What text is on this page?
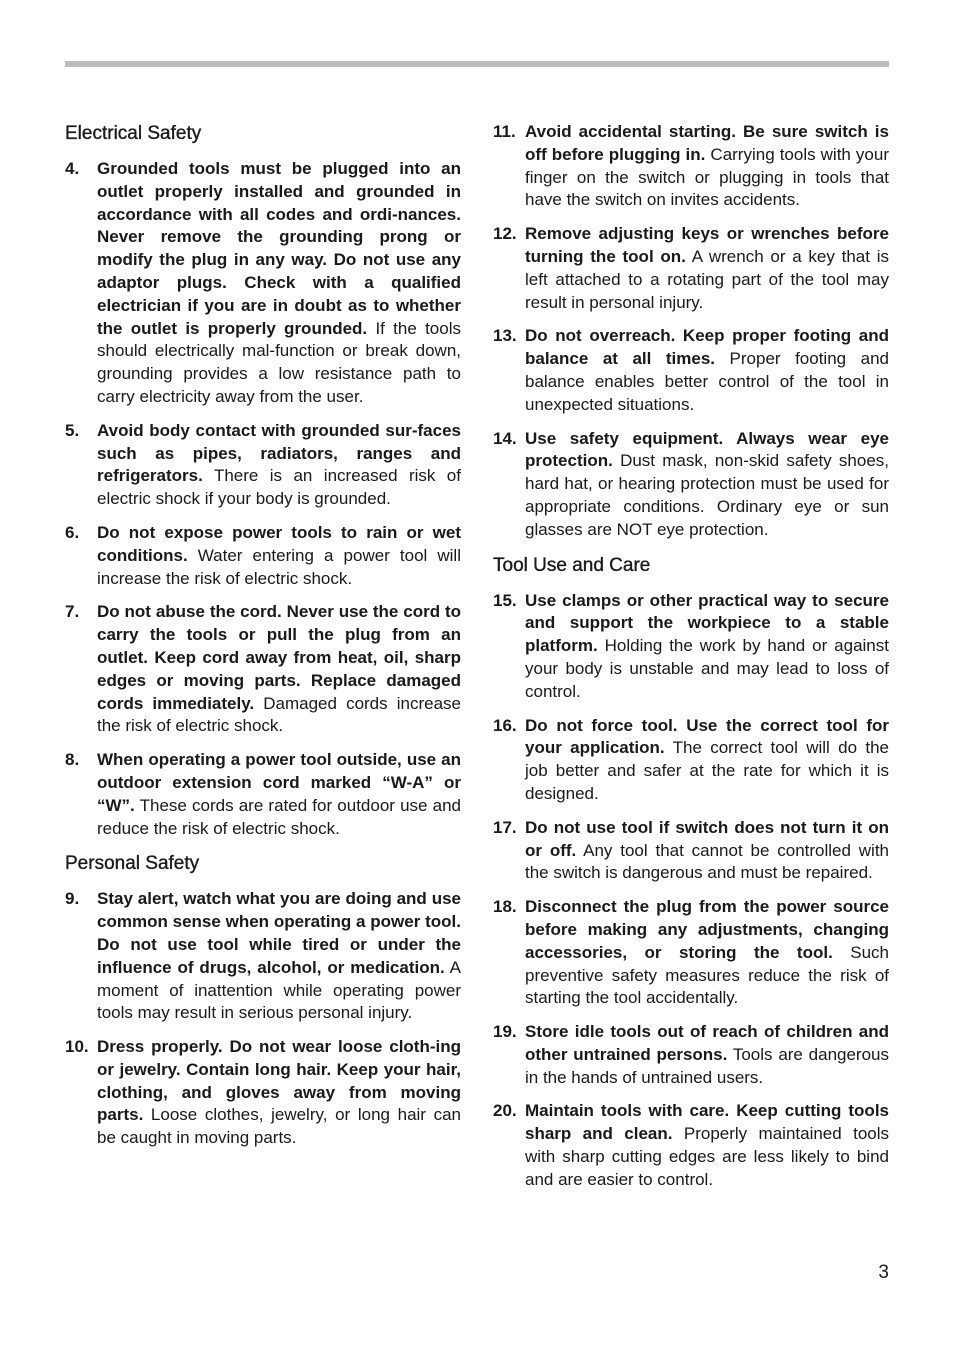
Electrical Safety
4.	Grounded tools must be plugged into an outlet properly installed and grounded in accordance with all codes and ordi-nances. Never remove the grounding prong or modify the plug in any way. Do not use any adaptor plugs. Check with a qualified electrician if you are in doubt as to whether the outlet is properly grounded. If the tools should electrically mal-function or break down, grounding provides a low resistance path to carry electricity away from the user.
5.	Avoid body contact with grounded sur-faces such as pipes, radiators, ranges and refrigerators. There is an increased risk of electric shock if your body is grounded.
6.	Do not expose power tools to rain or wet conditions. Water entering a power tool will increase the risk of electric shock.
7.	Do not abuse the cord. Never use the cord to carry the tools or pull the plug from an outlet. Keep cord away from heat, oil, sharp edges or moving parts. Replace damaged cords immediately. Damaged cords increase the risk of electric shock.
8.	When operating a power tool outside, use an outdoor extension cord marked “W-A” or “W”. These cords are rated for outdoor use and reduce the risk of electric shock.
Personal Safety
9.	Stay alert, watch what you are doing and use common sense when operating a power tool. Do not use tool while tired or under the influence of drugs, alcohol, or medication. A moment of inattention while operating power tools may result in serious personal injury.
10. Dress properly. Do not wear loose cloth-ing or jewelry. Contain long hair. Keep your hair, clothing, and gloves away from moving parts. Loose clothes, jewelry, or long hair can be caught in moving parts.
11. Avoid accidental starting. Be sure switch is off before plugging in. Carrying tools with your finger on the switch or plugging in tools that have the switch on invites accidents.
12. Remove adjusting keys or wrenches before turning the tool on. A wrench or a key that is left attached to a rotating part of the tool may result in personal injury.
13. Do not overreach. Keep proper footing and balance at all times. Proper footing and balance enables better control of the tool in unexpected situations.
14. Use safety equipment. Always wear eye protection. Dust mask, non-skid safety shoes, hard hat, or hearing protection must be used for appropriate conditions. Ordinary eye or sun glasses are NOT eye protection.
Tool Use and Care
15. Use clamps or other practical way to secure and support the workpiece to a stable platform. Holding the work by hand or against your body is unstable and may lead to loss of control.
16. Do not force tool. Use the correct tool for your application. The correct tool will do the job better and safer at the rate for which it is designed.
17. Do not use tool if switch does not turn it on or off. Any tool that cannot be controlled with the switch is dangerous and must be repaired.
18. Disconnect the plug from the power source before making any adjustments, changing accessories, or storing the tool. Such preventive safety measures reduce the risk of starting the tool accidentally.
19. Store idle tools out of reach of children and other untrained persons. Tools are dangerous in the hands of untrained users.
20. Maintain tools with care. Keep cutting tools sharp and clean. Properly maintained tools with sharp cutting edges are less likely to bind and are easier to control.
3
